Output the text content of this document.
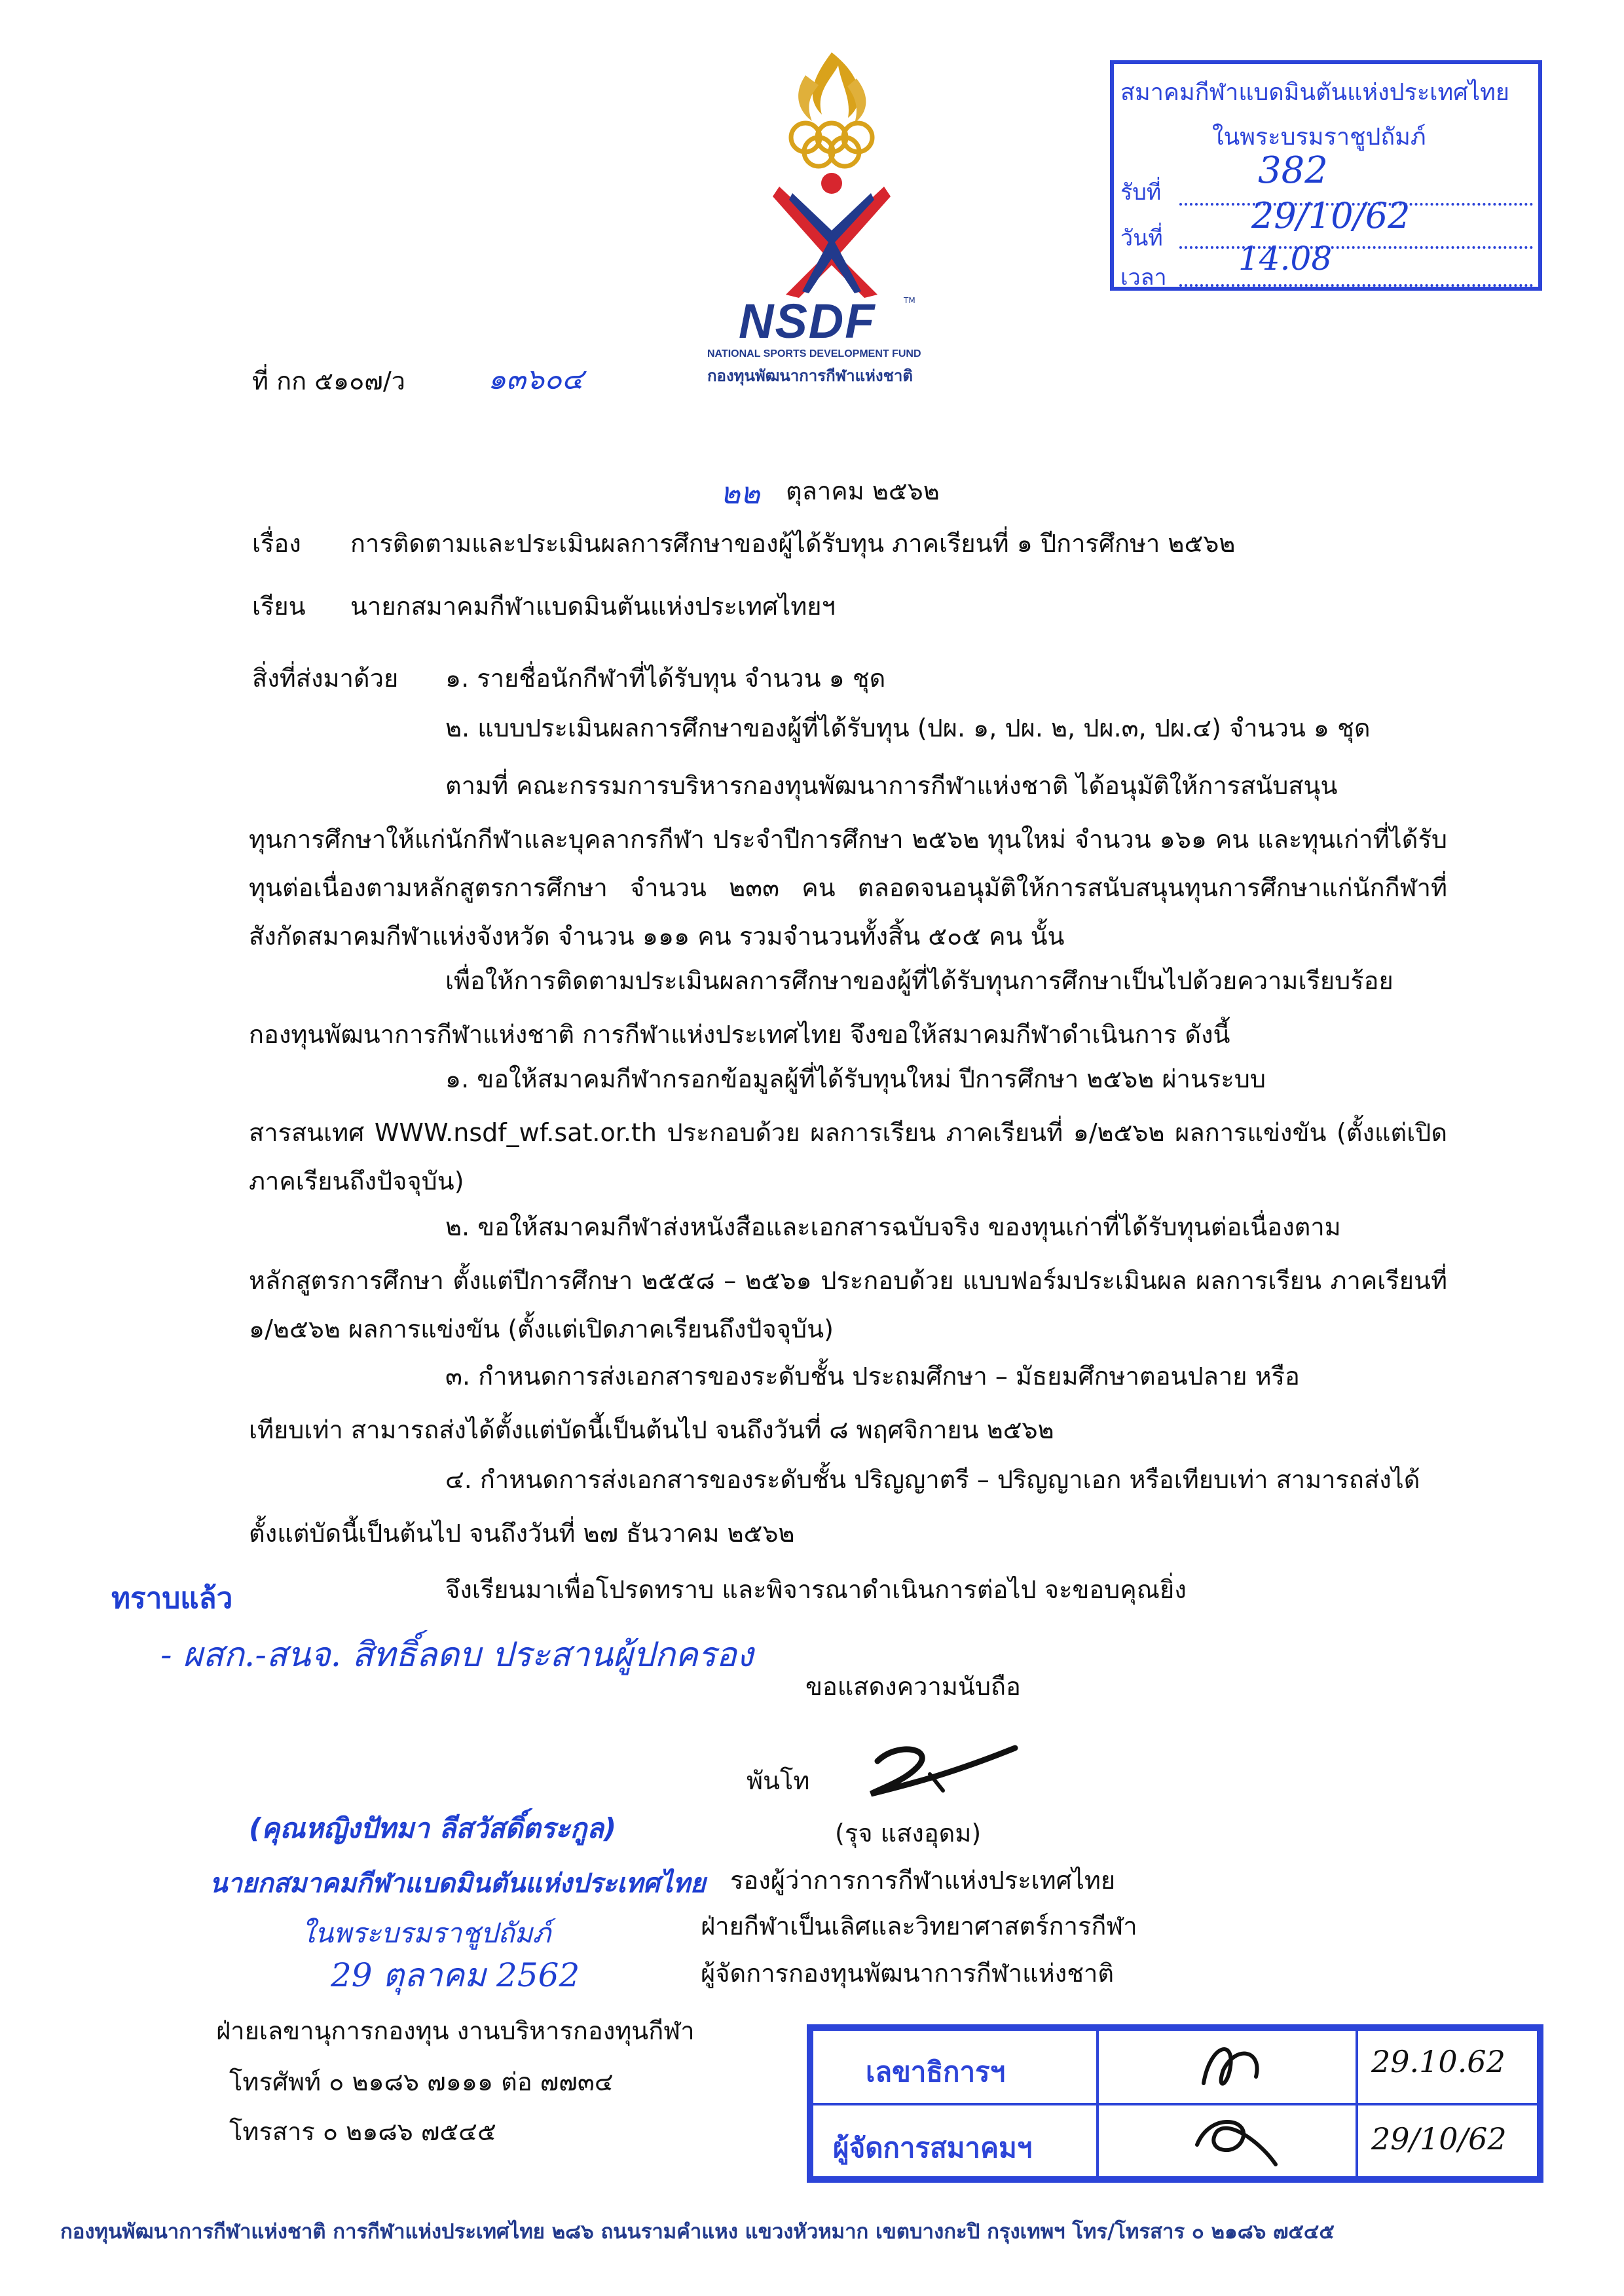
NSDF	TM
NATIONAL SPORTS DEVELOPMENT FUND
กองทุนพัฒนาการกีฬาแห่งชาติ
สมาคมกีฬาแบดมินตันแห่งประเทศไทย
ในพระบรมราชูปถัมภ์
รับที่
382
วันที่
29/10/62
เวลา 14.08
ที่ กก ๕๑๐๗/ว	๑๓๖๐๔
๒๒ ตุลาคม ๒๕๖๒
เรื่อง การติดตามและประเมินผลการศึกษาของผู้ได้รับทุน ภาคเรียนที่ ๑ ปีการศึกษา ๒๕๖๒
เรียน นายกสมาคมกีฬาแบดมินตันแห่งประเทศไทยฯ
สิ่งที่ส่งมาด้วย ๑. รายชื่อนักกีฬาที่ได้รับทุน จำนวน ๑ ชุด
๒. แบบประเมินผลการศึกษาของผู้ที่ได้รับทุน (ปผ. ๑, ปผ. ๒, ปผ.๓, ปผ.๔) จำนวน ๑ ชุด
ตามที่ คณะกรรมการบริหารกองทุนพัฒนาการกีฬาแห่งชาติ ได้อนุมัติให้การสนับสนุน
ทุนการศึกษาให้แก่นักกีฬาและบุคลากรกีฬา ประจำปีการศึกษา ๒๕๖๒ ทุนใหม่ จำนวน ๑๖๑ คน และทุนเก่าที่ได้รับทุนต่อเนื่องตามหลักสูตรการศึกษา จำนวน ๒๓๓ คน ตลอดจนอนุมัติให้การสนับสนุนทุนการศึกษาแก่นักกีฬาที่สังกัดสมาคมกีฬาแห่งจังหวัด จำนวน ๑๑๑ คน รวมจำนวนทั้งสิ้น ๕๐๕ คน นั้น
เพื่อให้การติดตามประเมินผลการศึกษาของผู้ที่ได้รับทุนการศึกษาเป็นไปด้วยความเรียบร้อย
กองทุนพัฒนาการกีฬาแห่งชาติ การกีฬาแห่งประเทศไทย จึงขอให้สมาคมกีฬาดำเนินการ ดังนี้
๑. ขอให้สมาคมกีฬากรอกข้อมูลผู้ที่ได้รับทุนใหม่ ปีการศึกษา ๒๕๖๒ ผ่านระบบ
สารสนเทศ WWW.nsdf_wf.sat.or.th ประกอบด้วย ผลการเรียน ภาคเรียนที่ ๑/๒๕๖๒ ผลการแข่งขัน (ตั้งแต่เปิดภาคเรียนถึงปัจจุบัน)
๒. ขอให้สมาคมกีฬาส่งหนังสือและเอกสารฉบับจริง ของทุนเก่าที่ได้รับทุนต่อเนื่องตาม
หลักสูตรการศึกษา ตั้งแต่ปีการศึกษา ๒๕๕๘ – ๒๕๖๑ ประกอบด้วย แบบฟอร์มประเมินผล ผลการเรียน ภาคเรียนที่ ๑/๒๕๖๒ ผลการแข่งขัน (ตั้งแต่เปิดภาคเรียนถึงปัจจุบัน)
๓. กำหนดการส่งเอกสารของระดับชั้น ประถมศึกษา – มัธยมศึกษาตอนปลาย หรือ
เทียบเท่า สามารถส่งได้ตั้งแต่บัดนี้เป็นต้นไป จนถึงวันที่ ๘ พฤศจิกายน ๒๕๖๒
๔. กำหนดการส่งเอกสารของระดับชั้น ปริญญาตรี – ปริญญาเอก หรือเทียบเท่า สามารถส่งได้
ตั้งแต่บัดนี้เป็นต้นไป จนถึงวันที่ ๒๗ ธันวาคม ๒๕๖๒
จึงเรียนมาเพื่อโปรดทราบ และพิจารณาดำเนินการต่อไป จะขอบคุณยิ่ง
ทราบแล้ว
- ผสก.-สนจ. สิทธิ์ลดบ ประสานผู้ปกครอง
ขอแสดงความนับถือ
พันโท
(รุจ แสงอุดม)
รองผู้ว่าการการกีฬาแห่งประเทศไทย
ฝ่ายกีฬาเป็นเลิศและวิทยาศาสตร์การกีฬา
ผู้จัดการกองทุนพัฒนาการกีฬาแห่งชาติ
(คุณหญิงปัทมา ลีสวัสดิ์ตระกูล)
นายกสมาคมกีฬาแบดมินตันแห่งประเทศไทย
ในพระบรมราชูปถัมภ์
29 ตุลาคม 2562
ฝ่ายเลขานุการกองทุน งานบริหารกองทุนกีฬา
โทรศัพท์ ๐ ๒๑๘๖ ๗๑๑๑ ต่อ ๗๗๓๔
โทรสาร ๐ ๒๑๘๖ ๗๕๔๕
เลขาธิการฯ	29.10.62
ผู้จัดการสมาคมฯ	29/10/62
กองทุนพัฒนาการกีฬาแห่งชาติ การกีฬาแห่งประเทศไทย ๒๘๖ ถนนรามคำแหง แขวงหัวหมาก เขตบางกะปิ กรุงเทพฯ โทร/โทรสาร ๐ ๒๑๘๖ ๗๕๔๕
